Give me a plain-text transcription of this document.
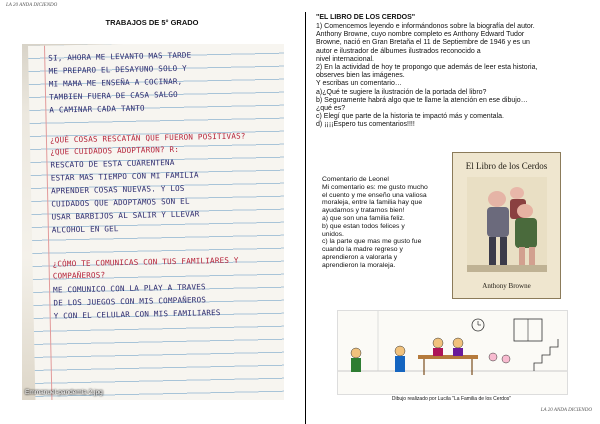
LA 20 ANDA DICIENDO
LA 20 ANDA DICIENDO
TRABAJOS DE 5° GRADO
SI, AHORA ME LEVANTO MAS TARDE
ME PREPARO EL DESAYUNO SOLO Y
MI MAMA ME ENSEÑA A COCINAR,
TAMBIEN FUERA DE CASA SALGO
A CAMINAR CADA TANTO
¿QUÉ COSAS RESCATÁN QUE FUERON POSITIVAS?
¿QUE CUIDADOS ADOPTARON? R:
RESCATO DE ESTA CUARENTENA
ESTAR MAS TIEMPO CON MI FAMILIA
APRENDER COSAS NUEVAS. Y LOS
CUIDADOS QUE ADOPTAMOS SON EL
USAR BARBIJOS AL SALIR Y LLEVAR
ALCOHOL EN GEL
¿CÓMO TE COMUNICAS CON TUS FAMILIARES Y
COMPAÑEROS?
ME COMUNICO CON LA PLAY A TRAVES
DE LOS JUEGOS CON MIS COMPAÑEROS
Y CON EL CELULAR CON MIS FAMILIARES
Emmanuel-pandemia 2.jpg
"EL LIBRO DE LOS CERDOS"

1) Comencemos leyendo e informándonos sobre la biografía del autor.

Anthony Browne, cuyo nombre completo es Anthony Edward Tudor

Browne, nació en Gran Bretaña el 11 de Septiembre de 1946 y es un

autor e ilustrador de álbumes ilustrados reconocido a

nivel internacional.

2) En la actividad de hoy te propongo que además de leer esta historia,

observes bien las imágenes.

Y escribas un comentario…

a)¿Qué te sugiere la ilustración de la portada del libro?

b) Seguramente habrá algo que te llame la atención en ese dibujo…

¿qué es?

c) Elegí que parte de la historia te impactó más y comentala.

d) ¡¡¡¡Espero tus comentarios!!!!

Comentario de Leonel

Mi comentario es: me gusto mucho

el cuento y me enseño una valiosa

moraleja, entre la familia hay que

ayudarnos y tratarnos bien!

a) que son una familia feliz.

b) que estan todos felices y

unidos.

c) la parte que mas me gusto fue

cuando la madre regreso y

aprendieron a valorarla y

aprendieron la moraleja.

El Libro de los Cerdos
Anthony Browne
Dibujo realizado por Lucila "La Familia de los Cerdos"
